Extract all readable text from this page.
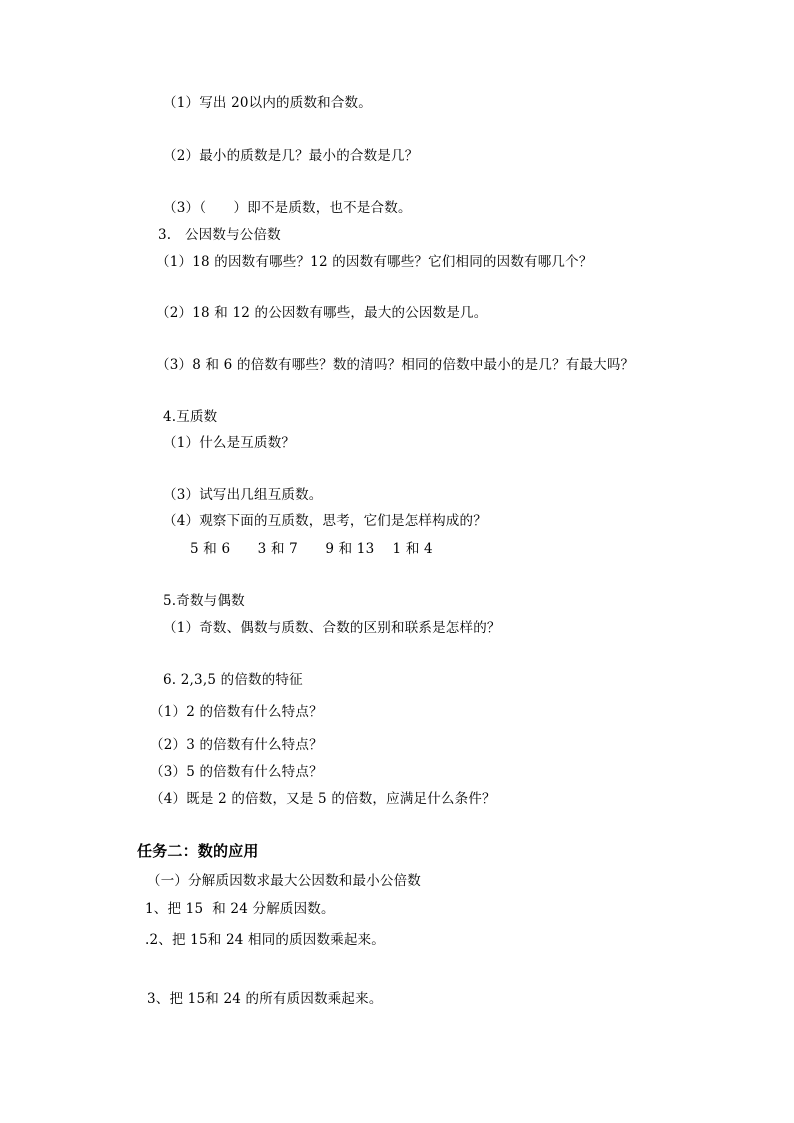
（1）写出 20以内的质数和合数。
（2）最小的质数是几？最小的合数是几？
（3）（　　）即不是质数，也不是合数。
3.　公因数与公倍数
（1）18 的因数有哪些？12 的因数有哪些？它们相同的因数有哪几个？
（2）18 和 12 的公因数有哪些，最大的公因数是几。
（3）8 和 6 的倍数有哪些？数的清吗？相同的倍数中最小的是几？有最大吗？
4.互质数
（1）什么是互质数？
（3）试写出几组互质数。
（4）观察下面的互质数，思考，它们是怎样构成的？
5 和 6　　3 和 7　　9 和 13　 1 和 4
5.奇数与偶数
（1）奇数、偶数与质数、合数的区别和联系是怎样的？
6. 2,3,5 的倍数的特征
（1）2 的倍数有什么特点？
（2）3 的倍数有什么特点？
（3）5 的倍数有什么特点？
（4）既是 2 的倍数，又是 5 的倍数，应满足什么条件？
任务二：数的应用
（一）分解质因数求最大公因数和最小公倍数
1、把 15  和 24 分解质因数。
.2、把 15和 24 相同的质因数乘起来。
3、把 15和 24 的所有质因数乘起来。
